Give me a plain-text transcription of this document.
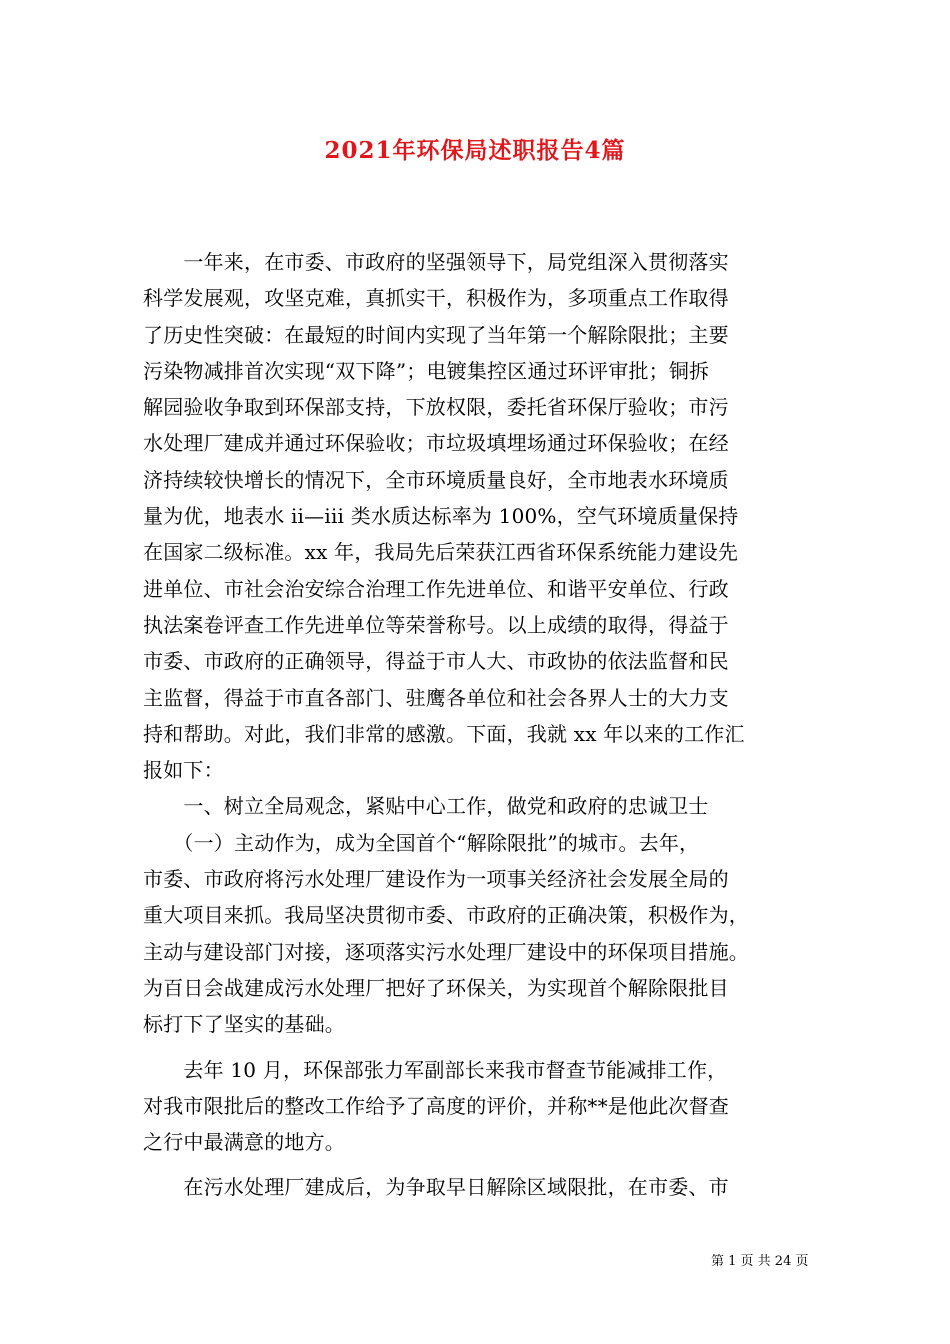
2021年环保局述职报告4篇
　　一年来，在市委、市政府的坚强领导下，局党组深入贯彻落实
科学发展观，攻坚克难，真抓实干，积极作为，多项重点工作取得
了历史性突破：在最短的时间内实现了当年第一个解除限批；主要
污染物减排首次实现“双下降”；电镀集控区通过环评审批；铜拆
解园验收争取到环保部支持，下放权限，委托省环保厅验收；市污
水处理厂建成并通过环保验收；市垃圾填埋场通过环保验收；在经
济持续较快增长的情况下，全市环境质量良好，全市地表水环境质
量为优，地表水 ii—iii 类水质达标率为 100%，空气环境质量保持
在国家二级标准。xx 年，我局先后荣获江西省环保系统能力建设先
进单位、市社会治安综合治理工作先进单位、和谐平安单位、行政
执法案卷评查工作先进单位等荣誉称号。以上成绩的取得，得益于
市委、市政府的正确领导，得益于市人大、市政协的依法监督和民
主监督，得益于市直各部门、驻鹰各单位和社会各界人士的大力支
持和帮助。对此，我们非常的感激。下面，我就 xx 年以来的工作汇
报如下：
　　一、树立全局观念，紧贴中心工作，做党和政府的忠诚卫士
　　（一）主动作为，成为全国首个“解除限批”的城市。去年，
市委、市政府将污水处理厂建设作为一项事关经济社会发展全局的
重大项目来抓。我局坚决贯彻市委、市政府的正确决策，积极作为，
主动与建设部门对接，逐项落实污水处理厂建设中的环保项目措施。
为百日会战建成污水处理厂把好了环保关，为实现首个解除限批目
标打下了坚实的基础。
　　去年 10 月，环保部张力军副部长来我市督查节能减排工作，
对我市限批后的整改工作给予了高度的评价，并称**是他此次督查
之行中最满意的地方。
　　在污水处理厂建成后，为争取早日解除区域限批，在市委、市
第 1 页 共 24 页
